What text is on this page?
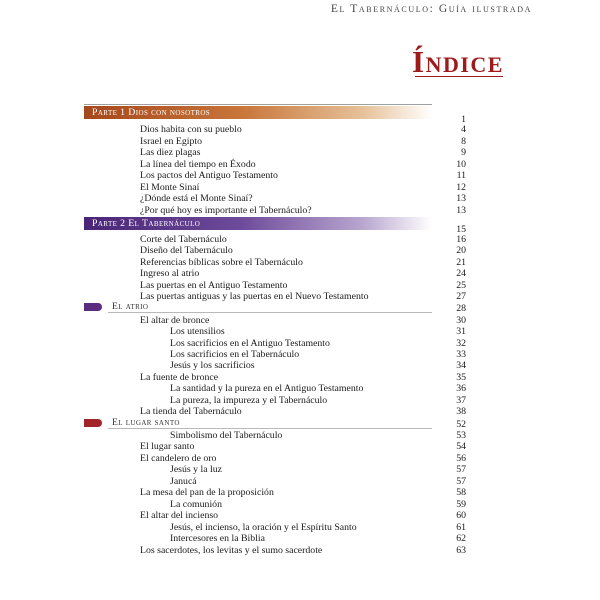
El Tabernáculo: Guía ilustrada
Índice
Parte 1 Dios con nosotros
1
Dios habita con su pueblo	4
Israel en Egipto	8
Las diez plagas	9
La línea del tiempo en Éxodo	10
Los pactos del Antiguo Testamento	11
El Monte Sinaí	12
¿Dónde está el Monte Sinaí?	13
¿Por qué hoy es importante el Tabernáculo?	13
Parte 2 El Tabernáculo
15
Corte del Tabernáculo	16
Diseño del Tabernáculo	20
Referencias bíblicas sobre el Tabernáculo	21
Ingreso al atrio	24
Las puertas en el Antiguo Testamento	25
Las puertas antiguas y las puertas en el Nuevo Testamento	27
El atrio	28
El altar de bronce	30
Los utensilios	31
Los sacrificios en el Antiguo Testamento	32
Los sacrificios en el Tabernáculo	33
Jesús y los sacrificios	34
La fuente de bronce	35
La santidad y la pureza en el Antiguo Testamento	36
La pureza, la impureza y el Tabernáculo	37
La tienda del Tabernáculo	38
El lugar santo	52
Simbolismo del Tabernáculo	53
El lugar santo	54
El candelero de oro	56
Jesús y la luz	57
Janucá	57
La mesa del pan de la proposición	58
La comunión	59
El altar del incienso	60
Jesús, el incienso, la oración y el Espíritu Santo	61
Intercesores en la Biblia	62
Los sacerdotes, los levitas y el sumo sacerdote	63
